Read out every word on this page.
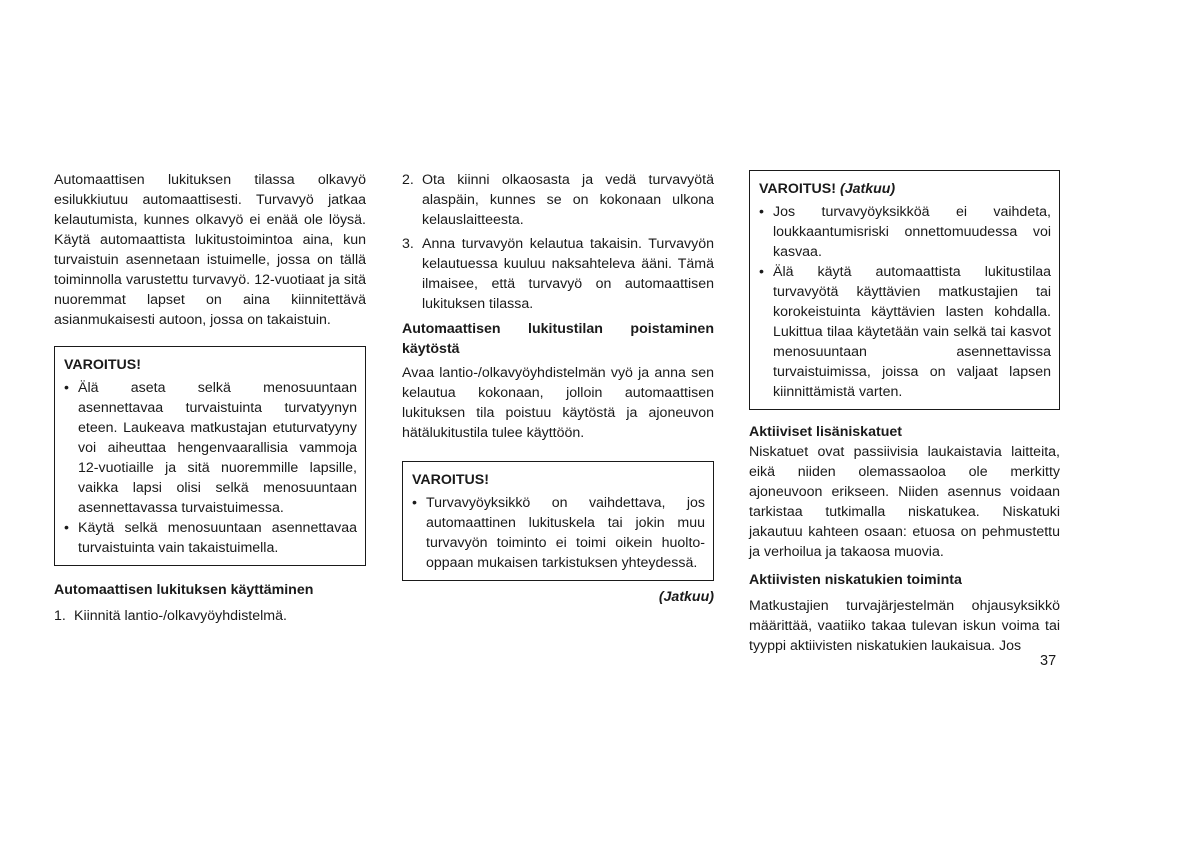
Automaattisen lukituksen tilassa olkavyö esilukkiutuu automaattisesti. Turvavyö jatkaa kelautumista, kunnes olkavyö ei enää ole löysä. Käytä automaattista lukitustoimintoa aina, kun turvaistuin asennetaan istuimelle, jossa on tällä toiminnolla varustettu turvavyö. 12-vuotiaat ja sitä nuoremmat lapset on aina kiinnitettävä asianmukaisesti autoon, jossa on takaistuin.

VAROITUS!
• Älä aseta selkä menosuuntaan asennettavaa turvaistuinta turvatyynyn eteen. Laukeava matkustajan etuturvatyyny voi aiheuttaa hengenvaarallisia vammoja 12-vuotiaille ja sitä nuoremmille lapsille, vaikka lapsi olisi selkä menosuuntaan asennettavassa turvaistuimessa.
• Käytä selkä menosuuntaan asennettavaa turvaistuinta vain takaistuimella.

Automaattisen lukituksen käyttäminen

1. Kiinnitä lantio-/olkavyöyhdistelmä.
2. Ota kiinni olkaosasta ja vedä turvavyötä alaspäin, kunnes se on kokonaan ulkona kelauslaitteesta.
3. Anna turvavyön kelautua takaisin. Turvavyön kelautuessa kuuluu naksahteleva ääni. Tämä ilmaisee, että turvavyö on automaattisen lukituksen tilassa.

Automaattisen lukitustilan poistaminen käytöstä

Avaa lantio-/olkavyöyhdistelmän vyö ja anna sen kelautua kokonaan, jolloin automaattisen lukituksen tila poistuu käytöstä ja ajoneuvon hätälukitustila tulee käyttöön.

VAROITUS!
• Turvavyöyksikkö on vaihdettava, jos automaattinen lukituskela tai jokin muu turvavyön toiminto ei toimi oikein huolto-oppaan mukaisen tarkistuksen yhteydessä.
(Jatkuu)
VAROITUS! (Jatkuu)
• Jos turvavyöyksikköä ei vaihdeta, loukkaantumisriski onnettomuudessa voi kasvaa.
• Älä käytä automaattista lukitustilaa turvavyötä käyttävien matkustajien tai korokeistuinta käyttävien lasten kohdalla. Lukittua tilaa käytetään vain selkä tai kasvot menosuuntaan asennettavissa turvaistuimissa, joissa on valjaat lapsen kiinnittämistä varten.

Aktiiviset lisäniskatuet

Niskatuet ovat passiivisia laukaistavia laitteita, eikä niiden olemassaoloa ole merkitty ajoneuvoon erikseen. Niiden asennus voidaan tarkistaa tutkimalla niskatukea. Niskatuki jakautuu kahteen osaan: etuosa on pehmustettu ja verhoilua ja takaosa muovia.

Aktiivisten niskatukien toiminta

Matkustajien turvajärjestelmän ohjausyksikkö määrittää, vaatiiko takaa tulevan iskun voima tai tyyppi aktiivisten niskatukien laukaisua. Jos

37
